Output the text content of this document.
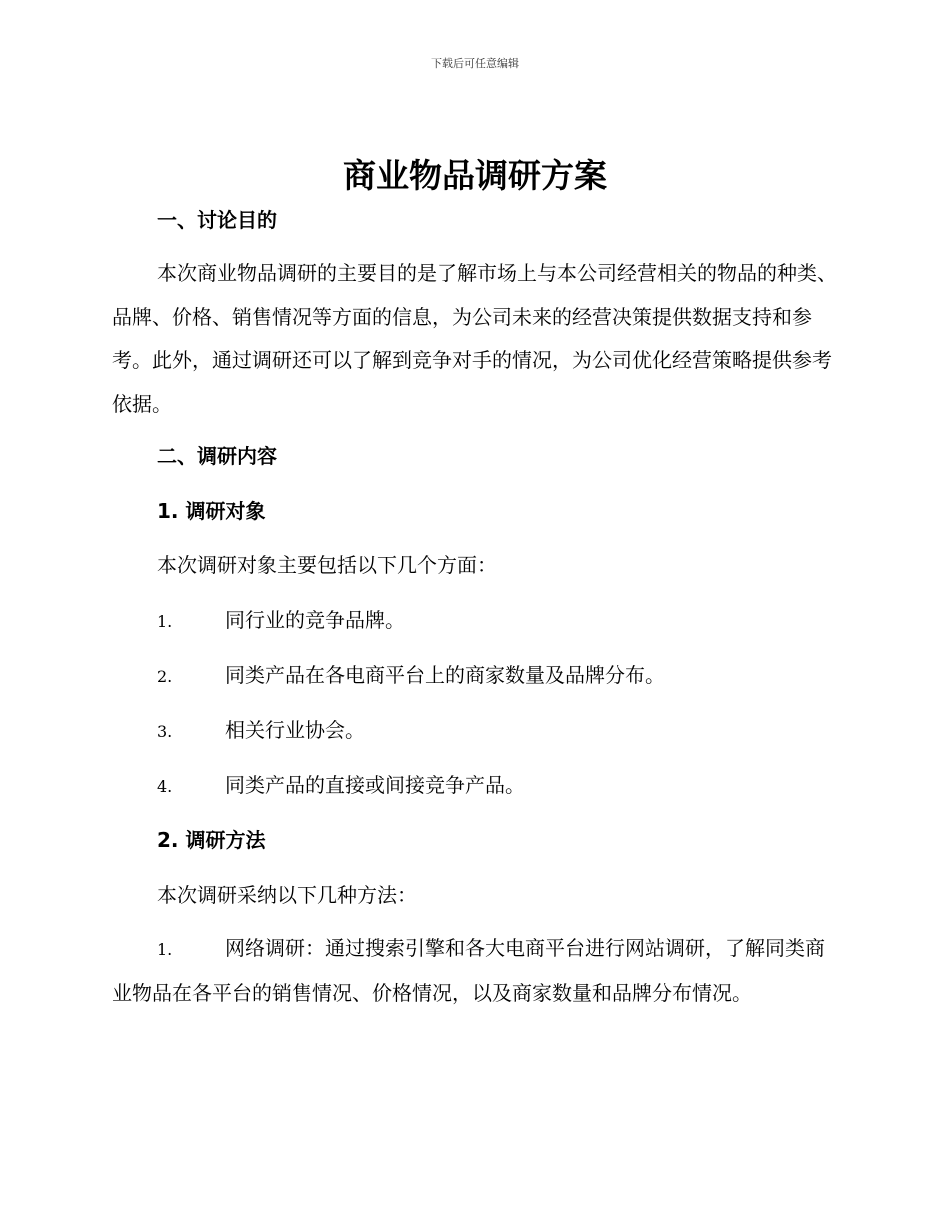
下载后可任意编辑
商业物品调研方案
一、讨论目的

本次商业物品调研的主要目的是了解市场上与本公司经营相关的物品的种类、品牌、价格、销售情况等方面的信息，为公司未来的经营决策提供数据支持和参考。此外，通过调研还可以了解到竞争对手的情况，为公司优化经营策略提供参考依据。

二、调研内容
1. 调研对象
本次调研对象主要包括以下几个方面：
1.	同行业的竞争品牌。
2.	同类产品在各电商平台上的商家数量及品牌分布。
3.	相关行业协会。
4.	同类产品的直接或间接竞争产品。
2. 调研方法
本次调研采纳以下几种方法：
1.	网络调研：通过搜索引擎和各大电商平台进行网站调研，了解同类商业物品在各平台的销售情况、价格情况，以及商家数量和品牌分布情况。
